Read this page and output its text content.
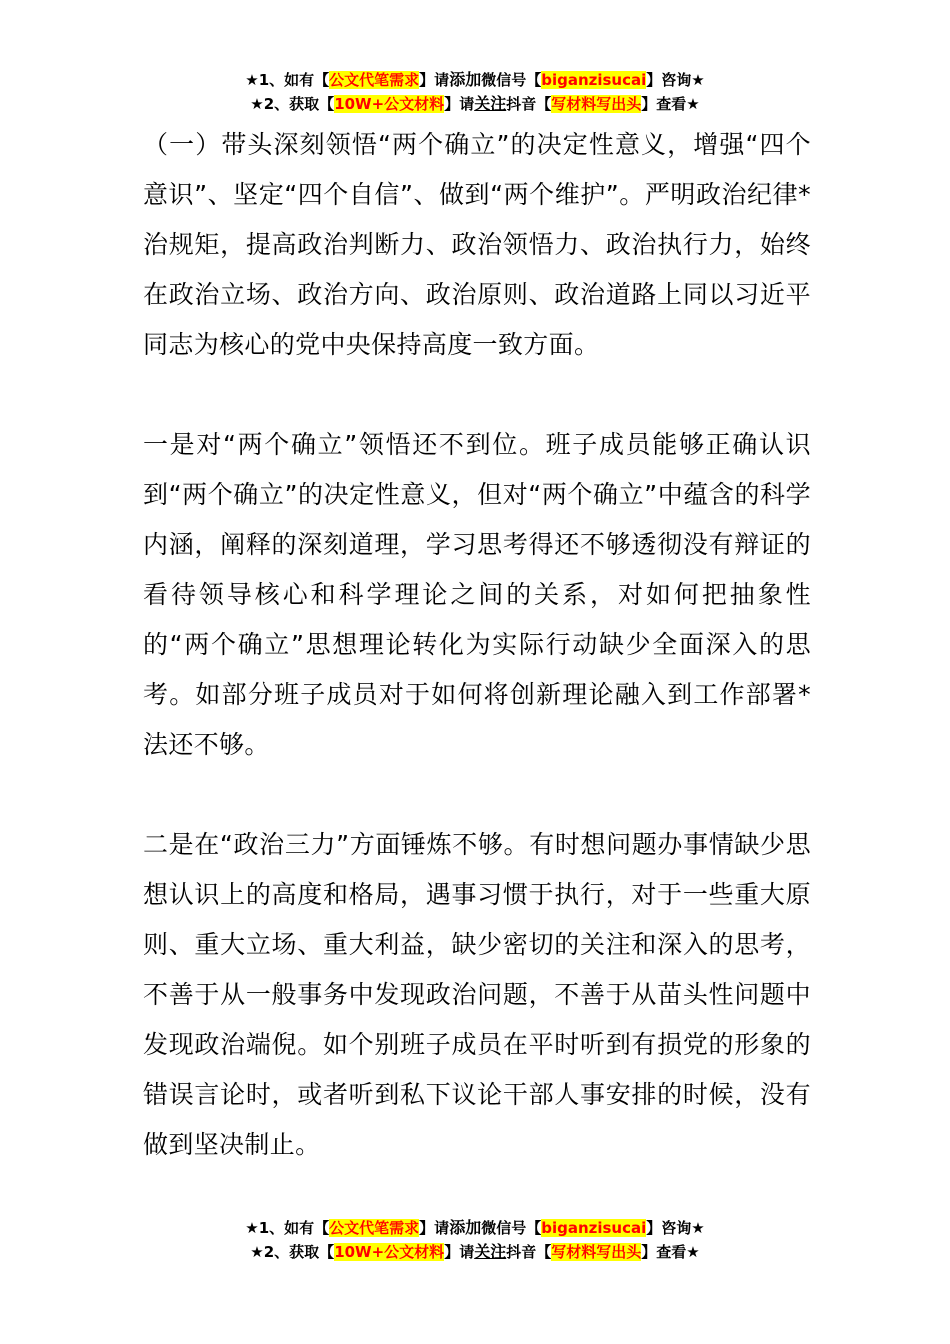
★1、如有【公文代笔需求】请添加微信号【biganzisucai】咨询★
★2、获取【10W+公文材料】请关注抖音【写材料写出头】查看★

（一）带头深刻领悟“两个确立”的决定性意义，增强“四个意识”、坚定“四个自信”、做到“两个维护”。严明政治纪律*治规矩，提高政治判断力、政治领悟力、政治执行力，始终在政治立场、政治方向、政治原则、政治道路上同以习近平同志为核心的党中央保持高度一致方面。

一是对“两个确立”领悟还不到位。班子成员能够正确认识到“两个确立”的决定性意义，但对“两个确立”中蕴含的科学内涵，阐释的深刻道理，学习思考得还不够透彻没有辩证的看待领导核心和科学理论之间的关系，对如何把抽象性的“两个确立”思想理论转化为实际行动缺少全面深入的思考。如部分班子成员对于如何将创新理论融入到工作部署*法还不够。

二是在“政治三力”方面锤炼不够。有时想问题办事情缺少思想认识上的高度和格局，遇事习惯于执行，对于一些重大原则、重大立场、重大利益，缺少密切的关注和深入的思考，不善于从一般事务中发现政治问题，不善于从苗头性问题中发现政治端倪。如个别班子成员在平时听到有损党的形象的错误言论时，或者听到私下议论干部人事安排的时候，没有做到坚决制止。

★1、如有【公文代笔需求】请添加微信号【biganzisucai】咨询★
★2、获取【10W+公文材料】请关注抖音【写材料写出头】查看★
